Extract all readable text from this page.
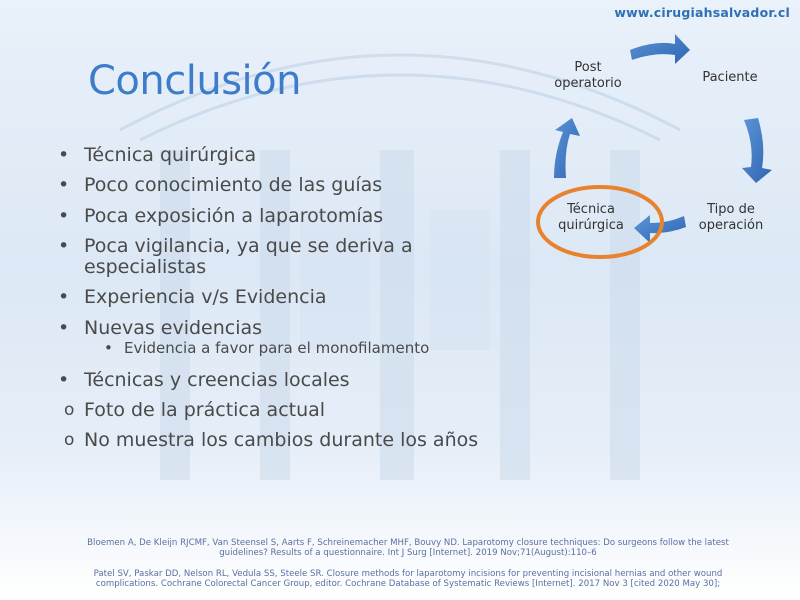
www.cirugiahsalvador.cl
Conclusión
• Técnica quirúrgica
• Poco conocimiento de las guías
• Poca exposición a laparotomías
• Poca vigilancia, ya que se deriva a especialistas
• Experiencia v/s Evidencia
• Nuevas evidencias
• Evidencia a favor para el monofilamento
• Técnicas y creencias locales
o Foto de la práctica actual
o No muestra los cambios durante los años
Post operatorio	Paciente
Tipo de operación
Técnica quirúrgica
Bloemen A, De Kleijn RJCMF, Van Steensel S, Aarts F, Schreinemacher MHF, Bouvy ND. Laparotomy closure techniques: Do surgeons follow the latest guidelines? Results of a questionnaire. Int J Surg [Internet]. 2019 Nov;71(August):110–6
Patel SV, Paskar DD, Nelson RL, Vedula SS, Steele SR. Closure methods for laparotomy incisions for preventing incisional hernias and other wound complications. Cochrane Colorectal Cancer Group, editor. Cochrane Database of Systematic Reviews [Internet]. 2017 Nov 3 [cited 2020 May 30];
